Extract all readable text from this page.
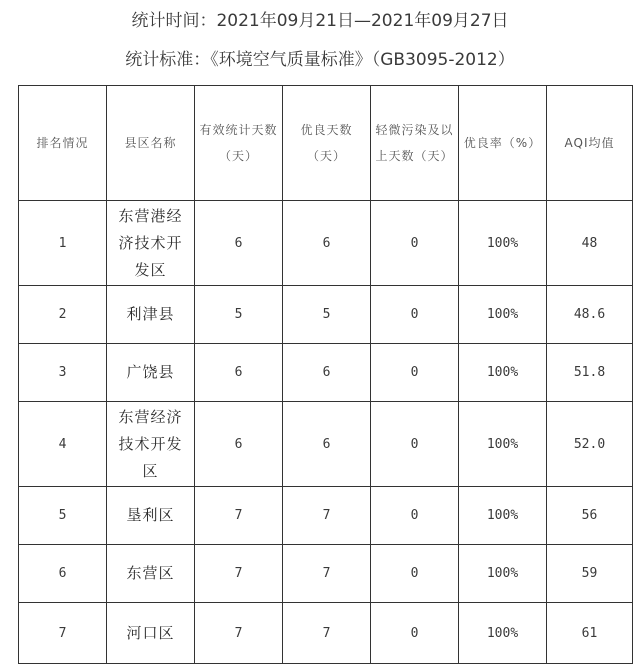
统计时间：2021年09月21日—2021年09月27日
统计标准：《环境空气质量标准》（GB3095-2012）
排名情况	县区名称	有效统计天数（天）	优良天数（天）	轻微污染及以上天数（天）	优良率（%）	AQI均值
1	东营港经济技术开发区	6	6	0	100%	48
2	利津县	5	5	0	100%	48.6
3	广饶县	6	6	0	100%	51.8
4	东营经济技术开发区	6	6	0	100%	52.0
5	垦利区	7	7	0	100%	56
6	东营区	7	7	0	100%	59
7	河口区	7	7	0	100%	61
